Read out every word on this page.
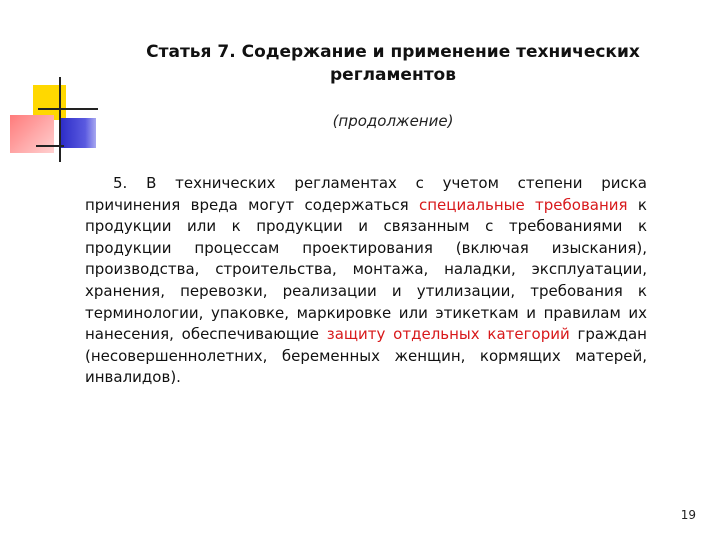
Статья 7. Содержание и применение технических регламентов

(продолжение)

5. В технических регламентах с учетом степени риска причинения вреда могут содержаться специальные требования к продукции или к продукции и связанным с требованиями к продукции процессам проектирования (включая изыскания), производства, строительства, монтажа, наладки, эксплуатации, хранения, перевозки, реализации и утилизации, требования к терминологии, упаковке, маркировке или этикеткам и правилам их нанесения, обеспечивающие защиту отдельных категорий граждан (несовершеннолетних, беременных женщин, кормящих матерей, инвалидов).

19
